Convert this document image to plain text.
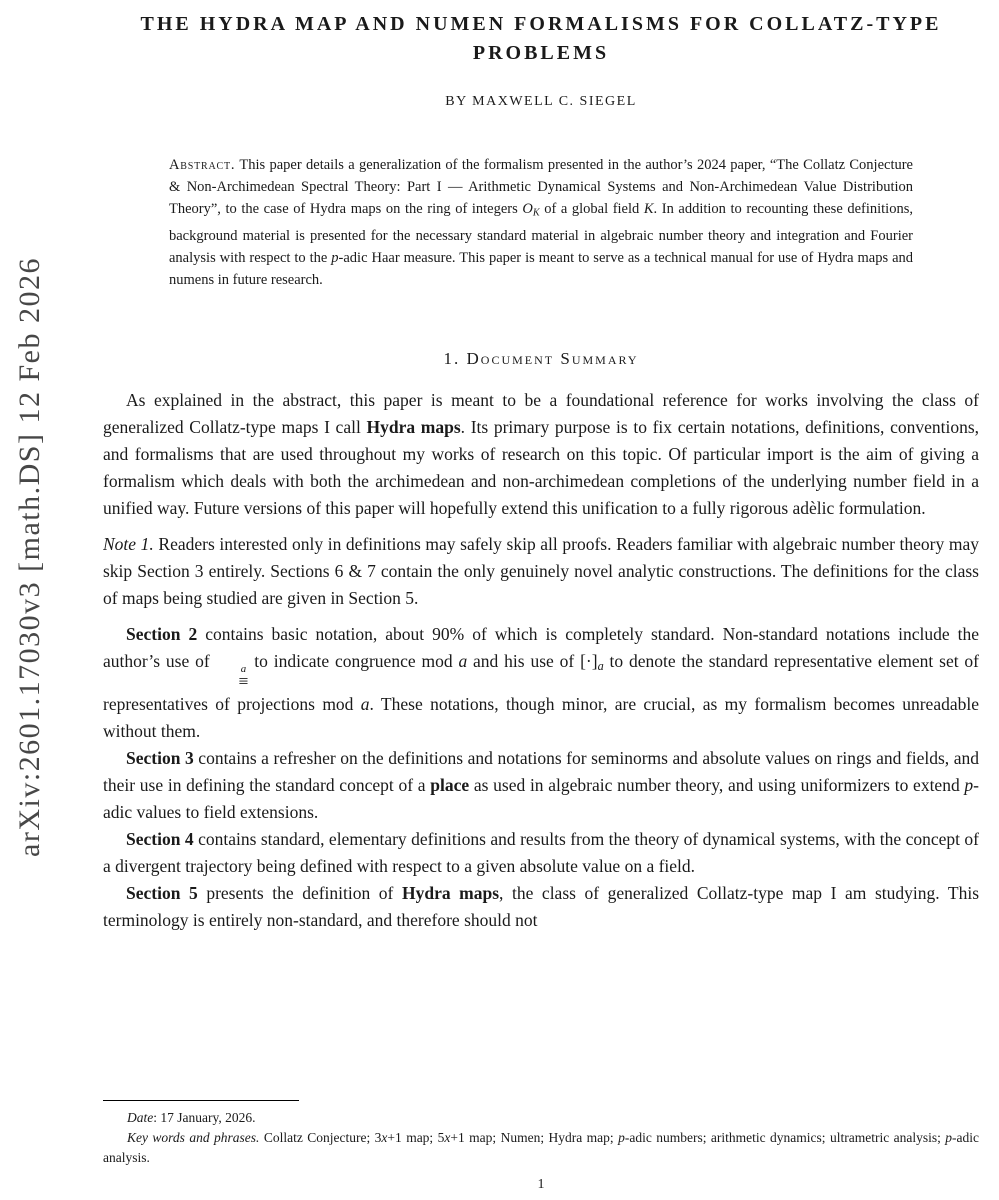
arXiv:2601.17030v3 [math.DS] 12 Feb 2026
THE HYDRA MAP AND NUMEN FORMALISMS FOR COLLATZ-TYPE PROBLEMS
BY MAXWELL C. SIEGEL
Abstract. This paper details a generalization of the formalism presented in the author’s 2024 paper, “The Collatz Conjecture & Non-Archimedean Spectral Theory: Part I — Arithmetic Dynamical Systems and Non-Archimedean Value Distribution Theory”, to the case of Hydra maps on the ring of integers OK of a global field K. In addition to recounting these definitions, background material is presented for the necessary standard material in algebraic number theory and integration and Fourier analysis with respect to the p-adic Haar measure. This paper is meant to serve as a technical manual for use of Hydra maps and numens in future research.
1. Document Summary

As explained in the abstract, this paper is meant to be a foundational reference for works involving the class of generalized Collatz-type maps I call Hydra maps. Its primary purpose is to fix certain notations, definitions, conventions, and formalisms that are used throughout my works of research on this topic. Of particular import is the aim of giving a formalism which deals with both the archimedean and non-archimedean completions of the underlying number field in a unified way. Future versions of this paper will hopefully extend this unification to a fully rigorous adèlic formulation.

Note 1. Readers interested only in definitions may safely skip all proofs. Readers familiar with algebraic number theory may skip Section 3 entirely. Sections 6 & 7 contain the only genuinely novel analytic constructions. The definitions for the class of maps being studied are given in Section 5.

Section 2 contains basic notation, about 90% of which is completely standard. Non-standard notations include the author’s use of	a
≡
to indicate congruence mod a and his use of [·]a to denote the standard representative element set of representatives of projections mod a. These notations, though minor, are crucial, as my formalism becomes unreadable without them.

Section 3 contains a refresher on the definitions and notations for seminorms and absolute values on rings and fields, and their use in defining the standard concept of a place as used in algebraic number theory, and using uniformizers to extend p-adic values to field extensions.

Section 4 contains standard, elementary definitions and results from the theory of dynamical systems, with the concept of a divergent trajectory being defined with respect to a given absolute value on a field.

Section 5 presents the definition of Hydra maps, the class of generalized Collatz-type map I am studying. This terminology is entirely non-standard, and therefore should not

Date: 17 January, 2026.

Key words and phrases. Collatz Conjecture; 3x+1 map; 5x+1 map; Numen; Hydra map; p-adic numbers; arithmetic dynamics; ultrametric analysis; p-adic analysis.

1
